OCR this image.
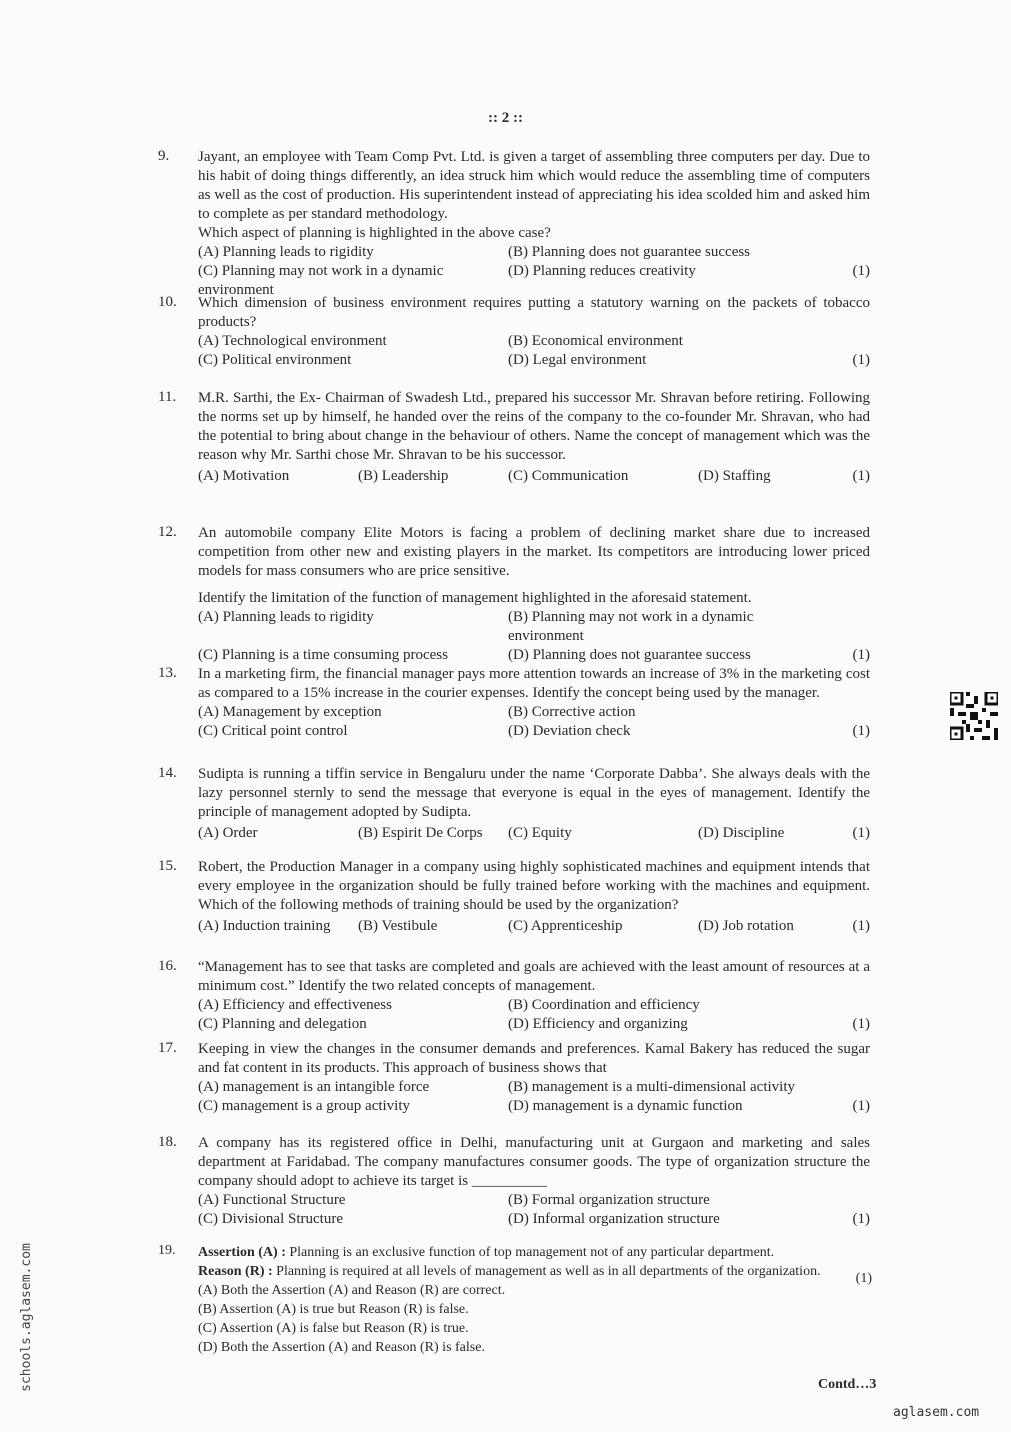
:: 2 ::
9.	Jayant, an employee with Team Comp Pvt. Ltd. is given a target of assembling three computers per day. Due to his habit of doing things differently, an idea struck him which would reduce the assembling time of computers as well as the cost of production. His superintendent instead of appreciating his idea scolded him and asked him to complete as per standard methodology.
Which aspect of planning is highlighted in the above case?
(A) Planning leads to rigidity	(B) Planning does not guarantee success
(C) Planning may not work in a dynamic environment
(D) Planning reduces creativity	(1)
10.	Which dimension of business environment requires putting a statutory warning on the packets of tobacco products?
(A) Technological environment	(B) Economical environment
(C) Political environment	(D) Legal environment	(1)
11.	M.R. Sarthi, the Ex- Chairman of Swadesh Ltd., prepared his successor Mr. Shravan before retiring. Following the norms set up by himself, he handed over the reins of the company to the co-founder Mr. Shravan, who had the potential to bring about change in the behaviour of others. Name the concept of management which was the reason why Mr. Sarthi chose Mr. Shravan to be his successor.
(A) Motivation	(B) Leadership	(C) Communication	(D) Staffing	(1)
12.	An automobile company Elite Motors is facing a problem of declining market share due to increased competition from other new and existing players in the market. Its competitors are introducing lower priced models for mass consumers who are price sensitive.
Identify the limitation of the function of management highlighted in the aforesaid statement.
(A) Planning leads to rigidity	(B) Planning may not work in a dynamic environment
(C) Planning is a time consuming process	(D) Planning does not guarantee success	(1)
13.	In a marketing firm, the financial manager pays more attention towards an increase of 3% in the marketing cost as compared to a 15% increase in the courier expenses. Identify the concept being used by the manager.
(A) Management by exception	(B) Corrective action
(C) Critical point control	(D) Deviation check	(1)
14.	Sudipta is running a tiffin service in Bengaluru under the name ‘Corporate Dabba’. She always deals with the lazy personnel sternly to send the message that everyone is equal in the eyes of management. Identify the principle of management adopted by Sudipta.
(A) Order	(B) Espirit De Corps	(C) Equity	(D) Discipline	(1)
15.	Robert, the Production Manager in a company using highly sophisticated machines and equipment intends that every employee in the organization should be fully trained before working with the machines and equipment. Which of the following methods of training should be used by the organization?
(A) Induction training	(B) Vestibule	(C) Apprenticeship	(D) Job rotation	(1)
16.	“Management has to see that tasks are completed and goals are achieved with the least amount of resources at a minimum cost.” Identify the two related concepts of management.
(A) Efficiency and effectiveness	(B) Coordination and efficiency
(C) Planning and delegation	(D) Efficiency and organizing	(1)
17.	Keeping in view the changes in the consumer demands and preferences. Kamal Bakery has reduced the sugar and fat content in its products. This approach of business shows that
(A) management is an intangible force	(B) management is a multi-dimensional activity
(C) management is a group activity	(D) management is a dynamic function	(1)
18.	A company has its registered office in Delhi, manufacturing unit at Gurgaon and marketing and sales department at Faridabad. The company manufactures consumer goods. The type of organization structure the company should adopt to achieve its target is __________
(A) Functional Structure	(B) Formal organization structure
(C) Divisional Structure	(D) Informal organization structure	(1)
19.	Assertion (A) : Planning is an exclusive function of top management not of any particular department.
Reason (R) : Planning is required at all levels of management as well as in all departments of the organization.	(1)
(A) Both the Assertion (A) and Reason (R) are correct.
(B) Assertion (A) is true but Reason (R) is false.
(C) Assertion (A) is false but Reason (R) is true.
(D) Both the Assertion (A) and Reason (R) is false.
Contd…3
aglasem.com
schools.aglasem.com
